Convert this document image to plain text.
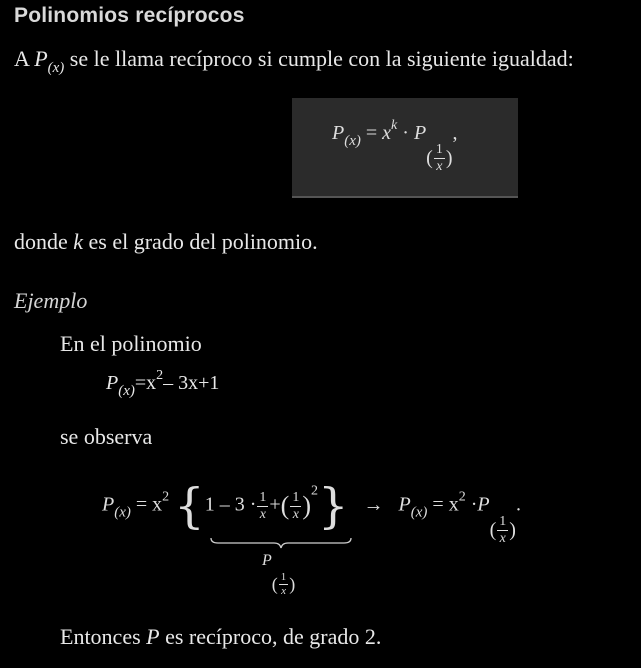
Polinomios recíprocos
A $P_{(x)}$ se le llama recíproco si cumple con la siguiente igualdad:
$P_{(x)} = x^k \cdot P( \frac{1}{x}$ ),
donde k es el grado del polinomio.
Ejemplo
En el polinomio
$P_{(x)}=x^2-$ 3x+1
se observa
$P_{(x)} = x^2$ {$1 - 3 \cdot \frac{1}{x}$ +( $\frac{1}{x} )^2\} \to P_{(x)} = x^2 \cdot P( \frac{1}{x}$ ).
$P( \frac{1}{x}$ )
Entonces P es recíproco, de grado 2.
